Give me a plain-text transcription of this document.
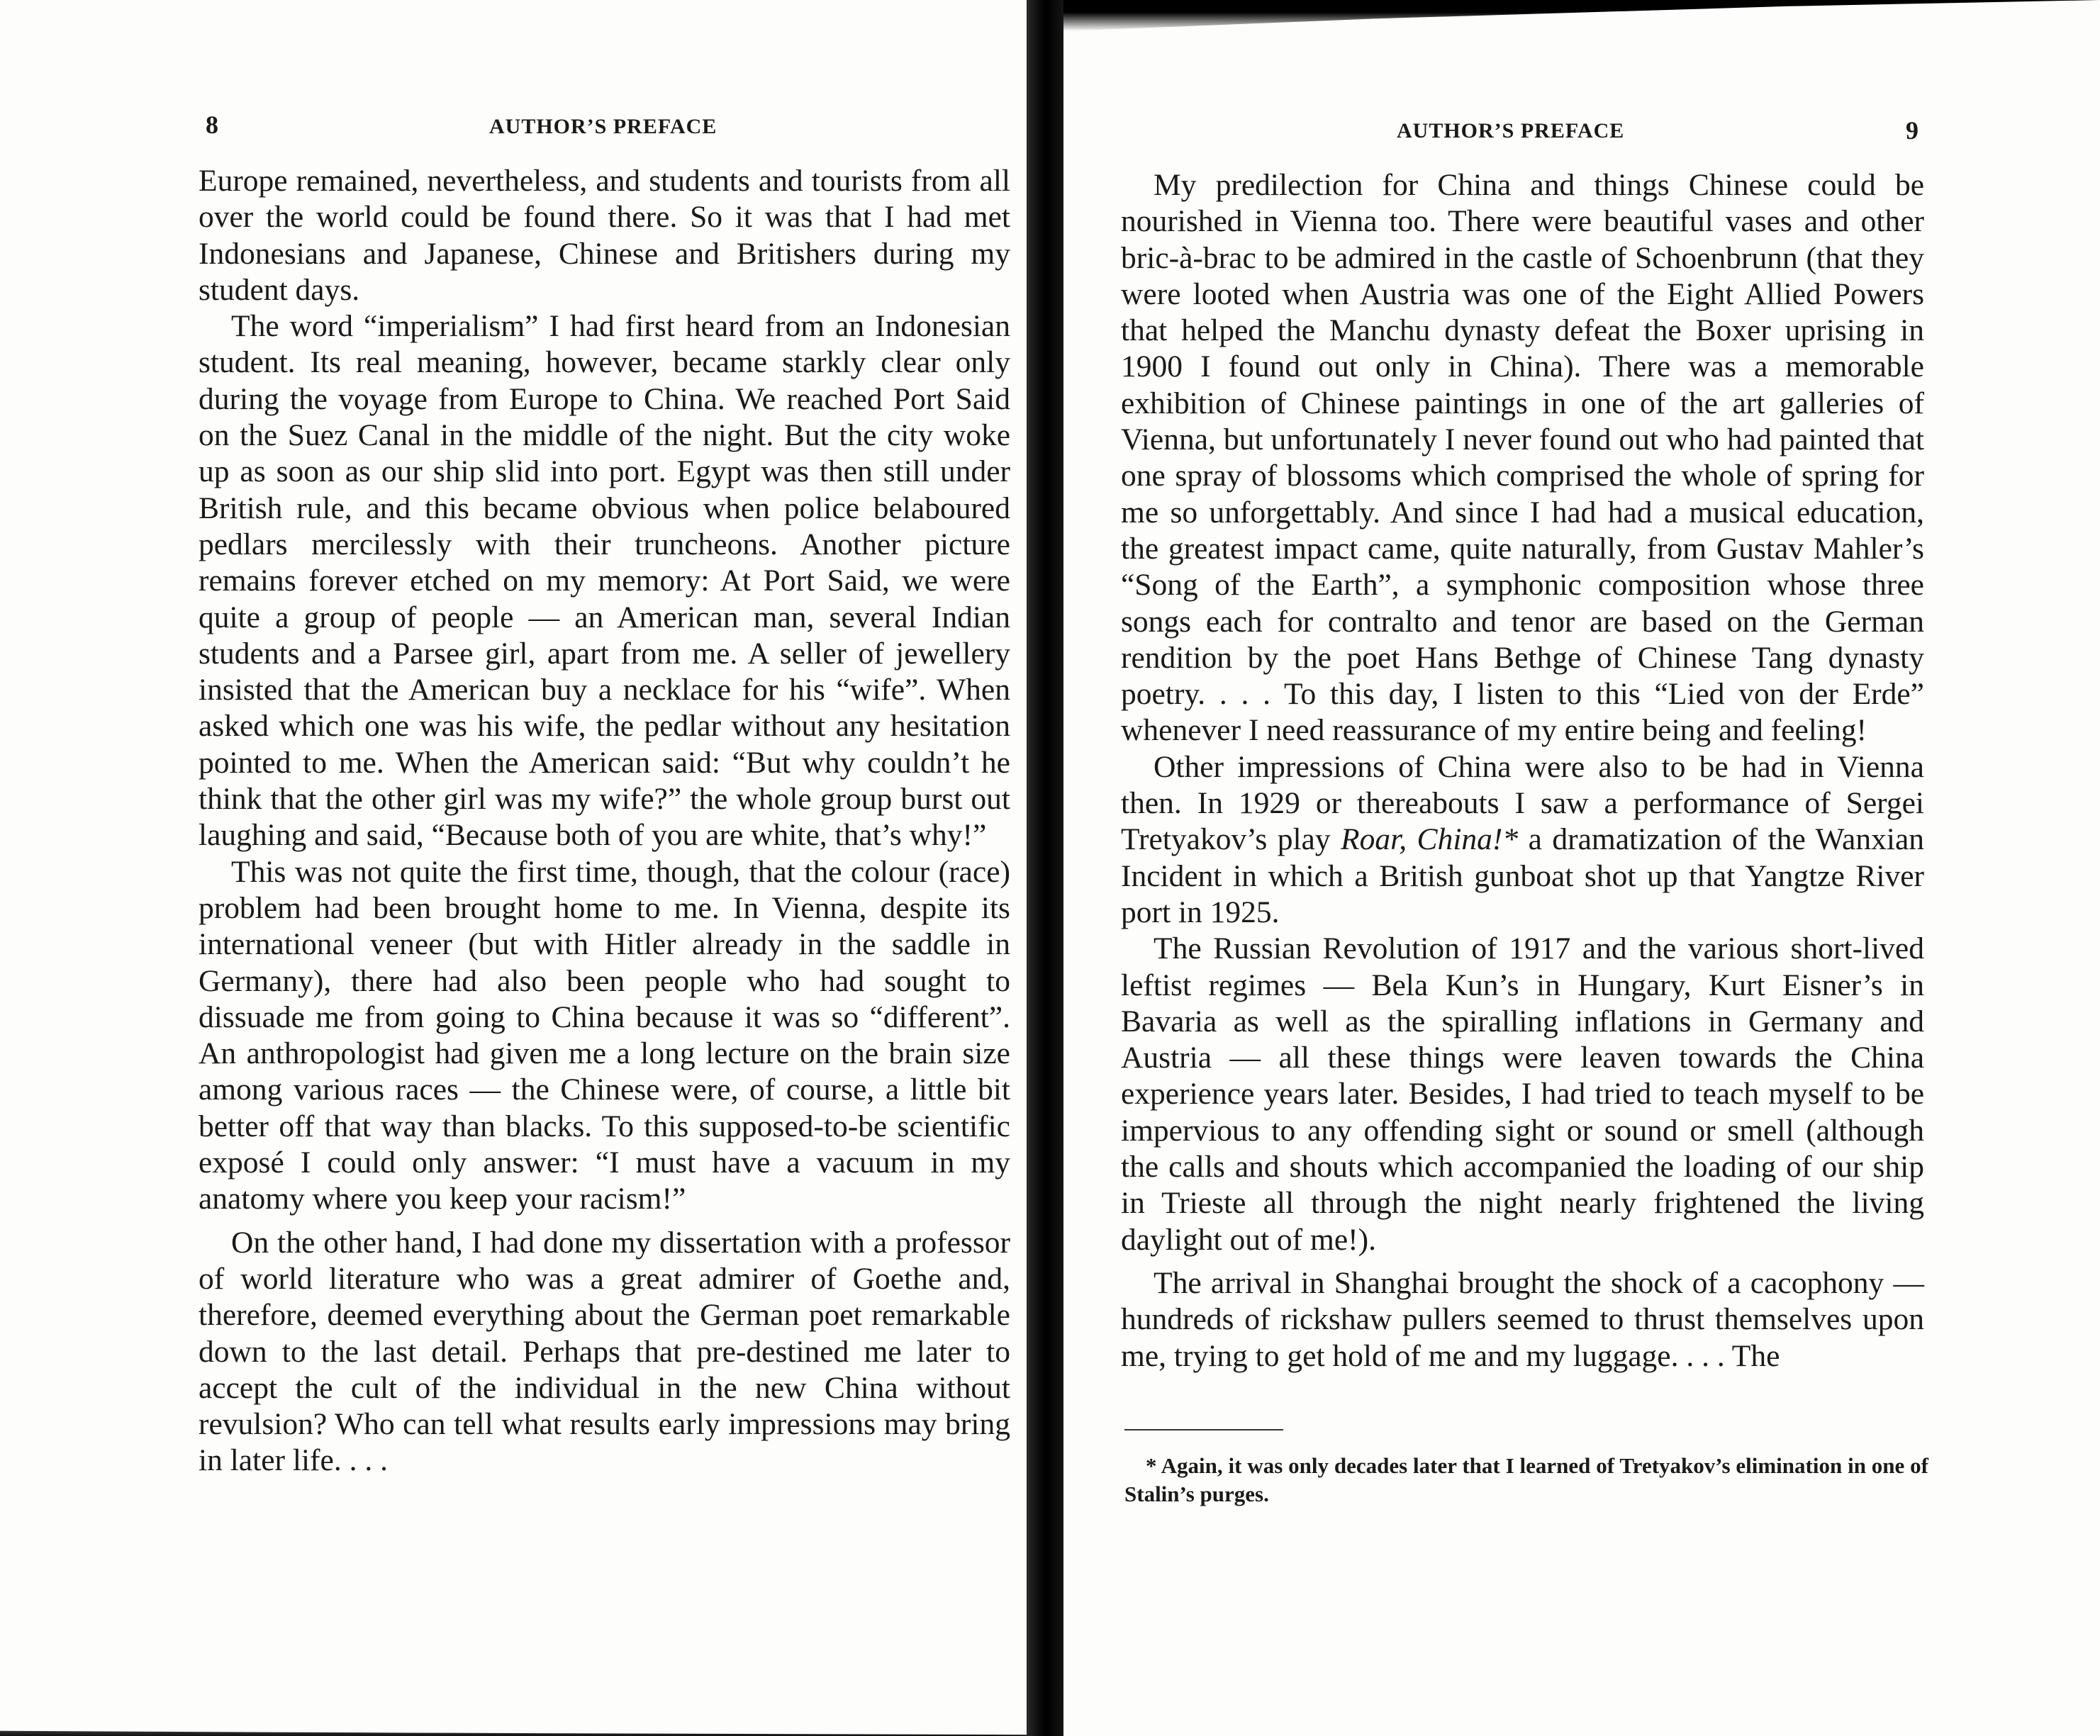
8	AUTHOR’S PREFACE

Europe remained, nevertheless, and students and tourists from all over the world could be found there. So it was that I had met Indonesians and Japanese, Chinese and Britishers during my student days.

The word “imperialism” I had first heard from an Indonesian student. Its real meaning, however, became starkly clear only during the voyage from Europe to China. We reached Port Said on the Suez Canal in the middle of the night. But the city woke up as soon as our ship slid into port. Egypt was then still under British rule, and this became obvious when police belaboured pedlars mercilessly with their truncheons. Another picture remains forever etched on my memory: At Port Said, we were quite a group of people — an American man, several Indian students and a Parsee girl, apart from me. A seller of jewellery insisted that the American buy a necklace for his “wife”. When asked which one was his wife, the pedlar without any hesitation pointed to me. When the American said: “But why couldn’t he think that the other girl was my wife?” the whole group burst out laughing and said, “Because both of you are white, that’s why!”

This was not quite the first time, though, that the colour (race) problem had been brought home to me. In Vienna, despite its international veneer (but with Hitler already in the saddle in Germany), there had also been people who had sought to dissuade me from going to China because it was so “different”. An anthropologist had given me a long lecture on the brain size among various races — the Chinese were, of course, a little bit better off that way than blacks. To this supposed-to-be scientific exposé I could only answer: “I must have a vacuum in my anatomy where you keep your racism!”

On the other hand, I had done my dissertation with a professor of world literature who was a great admirer of Goethe and, therefore, deemed everything about the German poet remarkable down to the last detail. Perhaps that pre-destined me later to accept the cult of the individual in the new China without revulsion? Who can tell what results early impressions may bring in later life. . . .

AUTHOR’S PREFACE	9

My predilection for China and things Chinese could be nourished in Vienna too. There were beautiful vases and other bric-à-brac to be admired in the castle of Schoenbrunn (that they were looted when Austria was one of the Eight Allied Powers that helped the Manchu dynasty defeat the Boxer uprising in 1900 I found out only in China). There was a memorable exhibition of Chinese paintings in one of the art galleries of Vienna, but unfortunately I never found out who had painted that one spray of blossoms which comprised the whole of spring for me so unforgettably. And since I had had a musical education, the greatest impact came, quite naturally, from Gustav Mahler’s “Song of the Earth”, a symphonic composition whose three songs each for contralto and tenor are based on the German rendition by the poet Hans Bethge of Chinese Tang dynasty poetry. . . . To this day, I listen to this “Lied von der Erde” whenever I need reassurance of my entire being and feeling!

Other impressions of China were also to be had in Vienna then. In 1929 or thereabouts I saw a performance of Sergei Tretyakov’s play Roar, China!* a dramatization of the Wanxian Incident in which a British gunboat shot up that Yangtze River port in 1925.

The Russian Revolution of 1917 and the various short-lived leftist regimes — Bela Kun’s in Hungary, Kurt Eisner’s in Bavaria as well as the spiralling inflations in Germany and Austria — all these things were leaven towards the China experience years later. Besides, I had tried to teach myself to be impervious to any offending sight or sound or smell (although the calls and shouts which accompanied the loading of our ship in Trieste all through the night nearly frightened the living daylight out of me!).

The arrival in Shanghai brought the shock of a cacophony — hundreds of rickshaw pullers seemed to thrust themselves upon me, trying to get hold of me and my luggage. . . . The

* Again, it was only decades later that I learned of Tretyakov’s elimination in one of Stalin’s purges.
